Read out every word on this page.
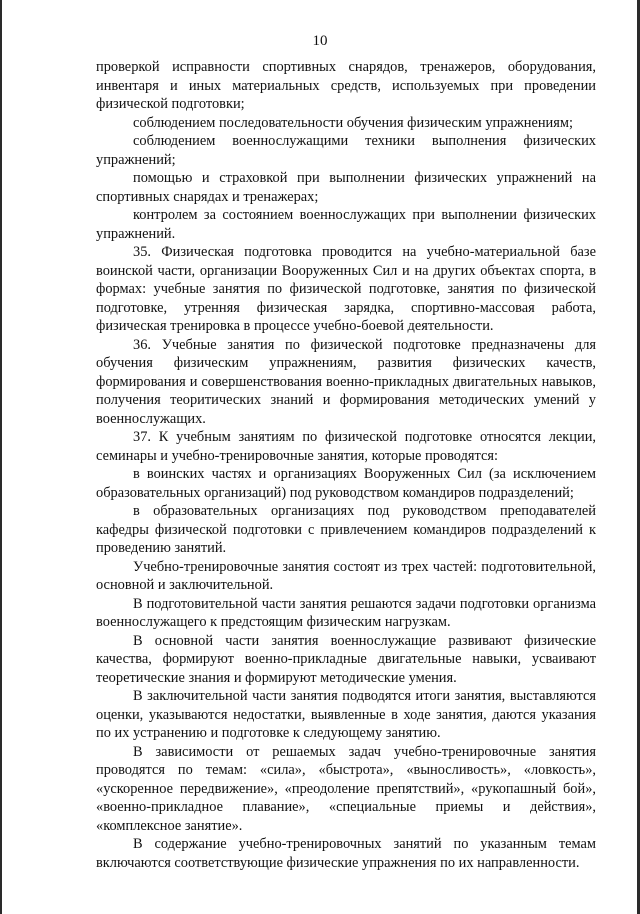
10

проверкой исправности спортивных снарядов, тренажеров, оборудования, инвентаря и иных материальных средств, используемых при проведении физической подготовки;

соблюдением последовательности обучения физическим упражнениям;

соблюдением военнослужащими техники выполнения физических упражнений;

помощью и страховкой при выполнении физических упражнений на спортивных снарядах и тренажерах;

контролем за состоянием военнослужащих при выполнении физических упражнений.

35. Физическая подготовка проводится на учебно-материальной базе воинской части, организации Вооруженных Сил и на других объектах спорта, в формах: учебные занятия по физической подготовке, занятия по физической подготовке, утренняя физическая зарядка, спортивно-массовая работа, физическая тренировка в процессе учебно-боевой деятельности.

36. Учебные занятия по физической подготовке предназначены для обучения физическим упражнениям, развития физических качеств, формирования и совершенствования военно-прикладных двигательных навыков, получения теоритических знаний и формирования методических умений у военнослужащих.

37. К учебным занятиям по физической подготовке относятся лекции, семинары и учебно-тренировочные занятия, которые проводятся:

в воинских частях и организациях Вооруженных Сил (за исключением образовательных организаций) под руководством командиров подразделений;

в образовательных организациях под руководством преподавателей кафедры физической подготовки с привлечением командиров подразделений к проведению занятий.

Учебно-тренировочные занятия состоят из трех частей: подготовительной, основной и заключительной.

В подготовительной части занятия решаются задачи подготовки организма военнослужащего к предстоящим физическим нагрузкам.

В основной части занятия военнослужащие развивают физические качества, формируют военно-прикладные двигательные навыки, усваивают теоретические знания и формируют методические умения.

В заключительной части занятия подводятся итоги занятия, выставляются оценки, указываются недостатки, выявленные в ходе занятия, даются указания по их устранению и подготовке к следующему занятию.

В зависимости от решаемых задач учебно-тренировочные занятия проводятся по темам: «сила», «быстрота», «выносливость», «ловкость», «ускоренное передвижение», «преодоление препятствий», «рукопашный бой», «военно-прикладное плавание», «специальные приемы и действия», «комплексное занятие».

В содержание учебно-тренировочных занятий по указанным темам включаются соответствующие физические упражнения по их направленности.
